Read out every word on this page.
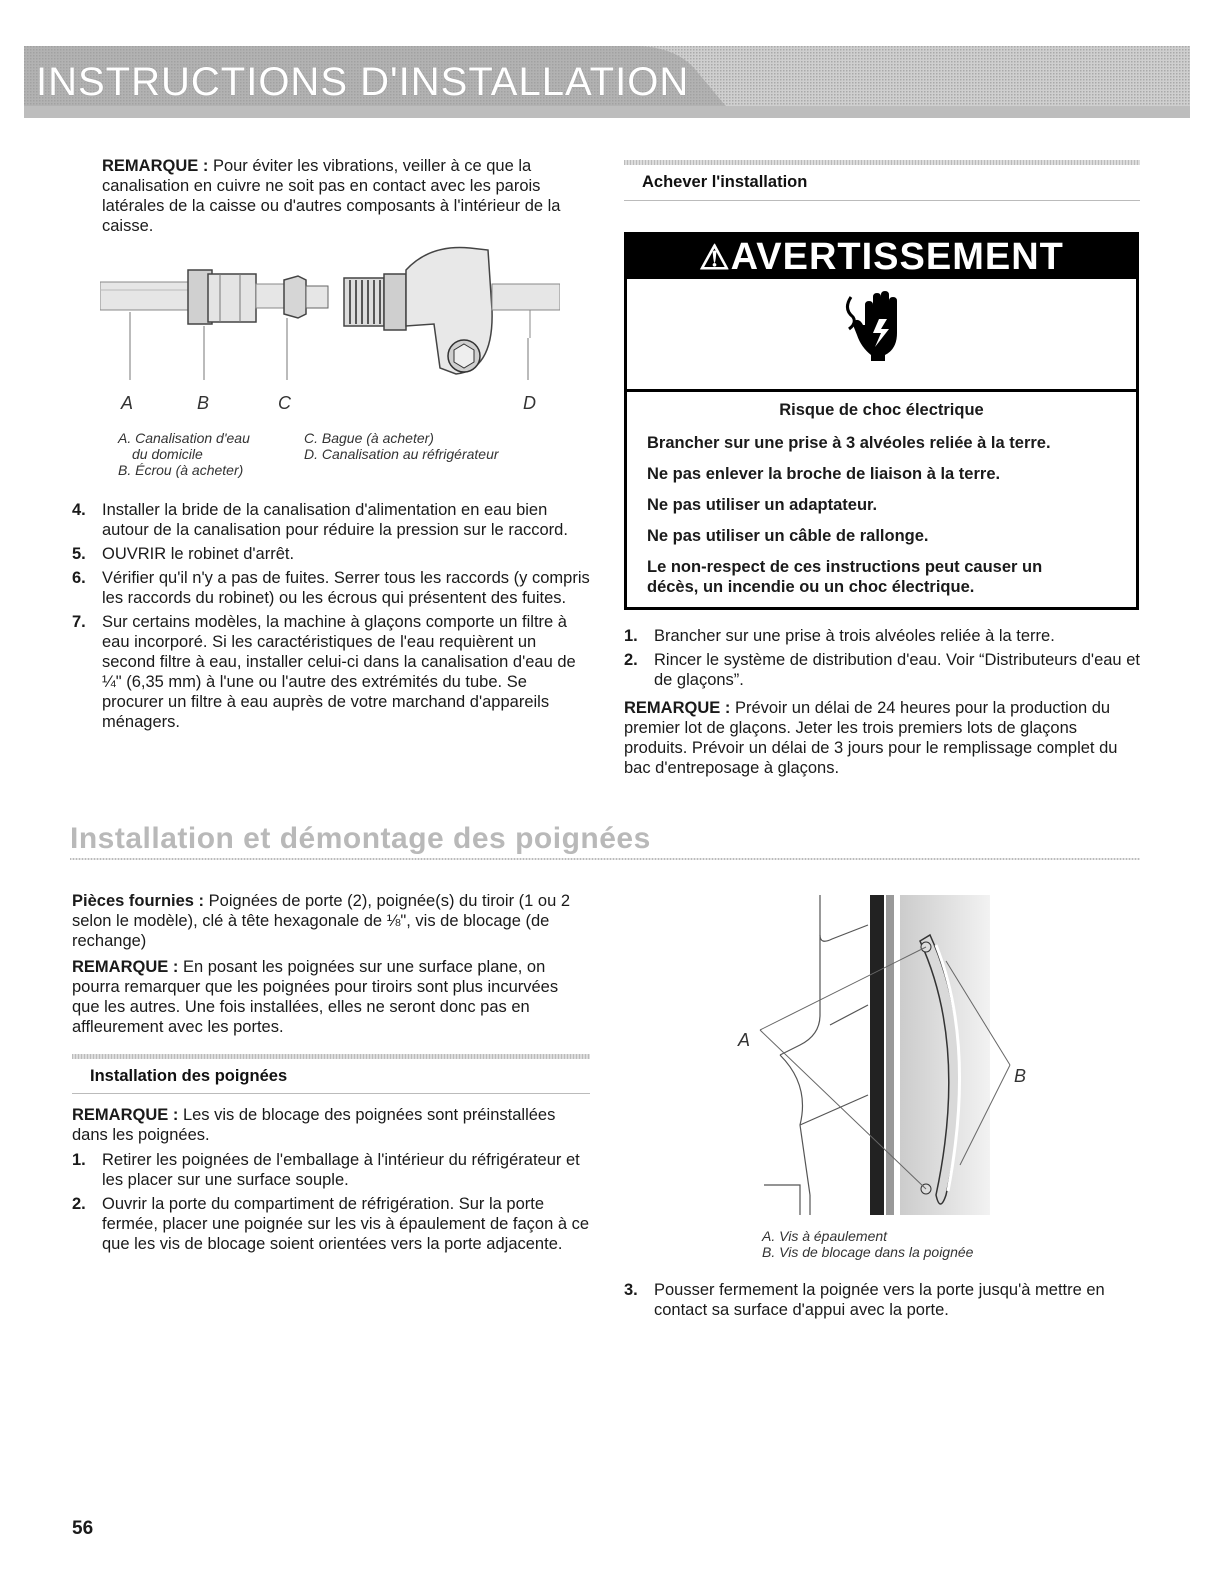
INSTRUCTIONS D'INSTALLATION

REMARQUE : Pour éviter les vibrations, veiller à ce que la canalisation en cuivre ne soit pas en contact avec les parois latérales de la caisse ou d'autres composants à l'intérieur de la caisse.

A	B	C	D
A. Canalisation d'eau
du domicile
B. Écrou (à acheter)
C. Bague (à acheter)
D. Canalisation au réfrigérateur
4. Installer la bride de la canalisation d'alimentation en eau bien autour de la canalisation pour réduire la pression sur le raccord.
5. OUVRIR le robinet d'arrêt.
6. Vérifier qu'il n'y a pas de fuites. Serrer tous les raccords (y compris les raccords du robinet) ou les écrous qui présentent des fuites.
7. Sur certains modèles, la machine à glaçons comporte un filtre à eau incorporé. Si les caractéristiques de l'eau requièrent un second filtre à eau, installer celui-ci dans la canalisation d'eau de ¼" (6,35 mm) à l'une ou l'autre des extrémités du tube. Se procurer un filtre à eau auprès de votre marchand d'appareils ménagers.
Achever l'installation
⚠AVERTISSEMENT
Risque de choc électrique
Brancher sur une prise à 3 alvéoles reliée à la terre.
Ne pas enlever la broche de liaison à la terre.
Ne pas utiliser un adaptateur.
Ne pas utiliser un câble de rallonge.
Le non-respect de ces instructions peut causer un décès, un incendie ou un choc électrique.
1. Brancher sur une prise à trois alvéoles reliée à la terre.
2. Rincer le système de distribution d'eau. Voir “Distributeurs d'eau et de glaçons”.

REMARQUE : Prévoir un délai de 24 heures pour la production du premier lot de glaçons. Jeter les trois premiers lots de glaçons produits. Prévoir un délai de 3 jours pour le remplissage complet du bac d'entreposage à glaçons.

Installation et démontage des poignées

Pièces fournies : Poignées de porte (2), poignée(s) du tiroir (1 ou 2 selon le modèle), clé à tête hexagonale de ⅛", vis de blocage (de rechange)

REMARQUE : En posant les poignées sur une surface plane, on pourra remarquer que les poignées pour tiroirs sont plus incurvées que les autres. Une fois installées, elles ne seront donc pas en affleurement avec les portes.

Installation des poignées

REMARQUE : Les vis de blocage des poignées sont préinstallées dans les poignées.

1. Retirer les poignées de l'emballage à l'intérieur du réfrigérateur et les placer sur une surface souple.
2. Ouvrir la porte du compartiment de réfrigération. Sur la porte fermée, placer une poignée sur les vis à épaulement de façon à ce que les vis de blocage soient orientées vers la porte adjacente.
A
B
A. Vis à épaulement
B. Vis de blocage dans la poignée
3. Pousser fermement la poignée vers la porte jusqu'à mettre en contact sa surface d'appui avec la porte.
56
